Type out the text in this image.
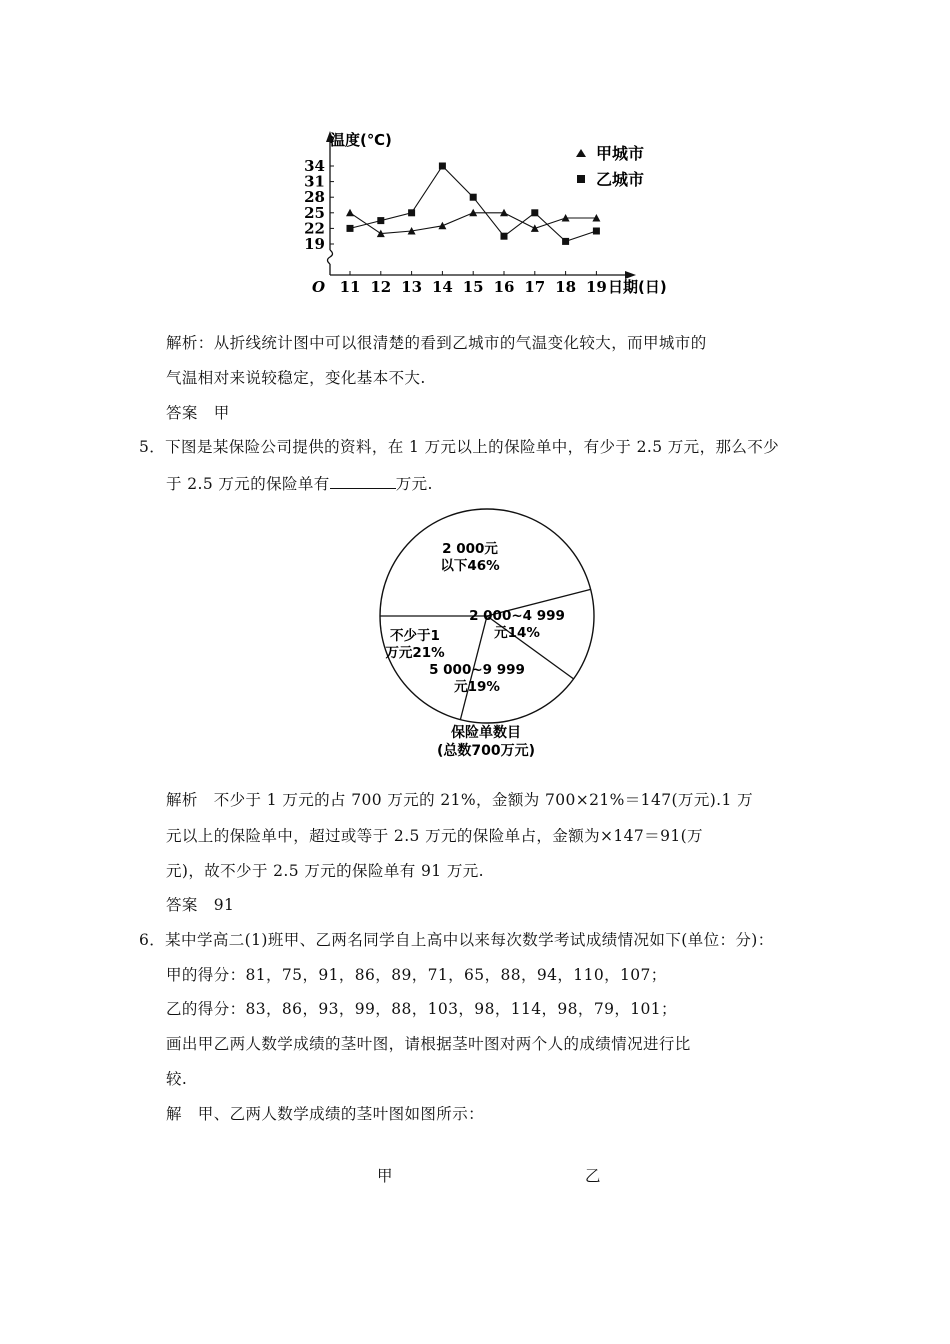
温度(℃)
日期(日)
O
19
22
25
28
31
34
11 12 13 14 15 16 17 18 19
甲城市
乙城市
解析：从折线统计图中可以很清楚的看到乙城市的气温变化较大，而甲城市的
气温相对来说较稳定，变化基本不大.
答案　甲
5．下图是某保险公司提供的资料，在 1 万元以上的保险单中，有少于 2.5 万元，那么不少
于 2.5 万元的保险单有	万元.
2 000元
以下46%
2 000~4 999
元14%
5 000~9 999
元19%
不少于1
万元21%
保险单数目
(总数700万元)
解析　不少于 1 万元的占 700 万元的 21%，金额为 700×21%＝147(万元).1 万
元以上的保险单中，超过或等于 2.5 万元的保险单占，金额为×147＝91(万
元)，故不少于 2.5 万元的保险单有 91 万元.
答案　91
6．某中学高二(1)班甲、乙两名同学自上高中以来每次数学考试成绩情况如下(单位：分)：
甲的得分：81，75，91，86，89，71，65，88，94，110，107；
乙的得分：83，86，93，99，88，103，98，114，98，79，101；
画出甲乙两人数学成绩的茎叶图，请根据茎叶图对两个人的成绩情况进行比
较.
解　甲、乙两人数学成绩的茎叶图如图所示：
甲	乙
